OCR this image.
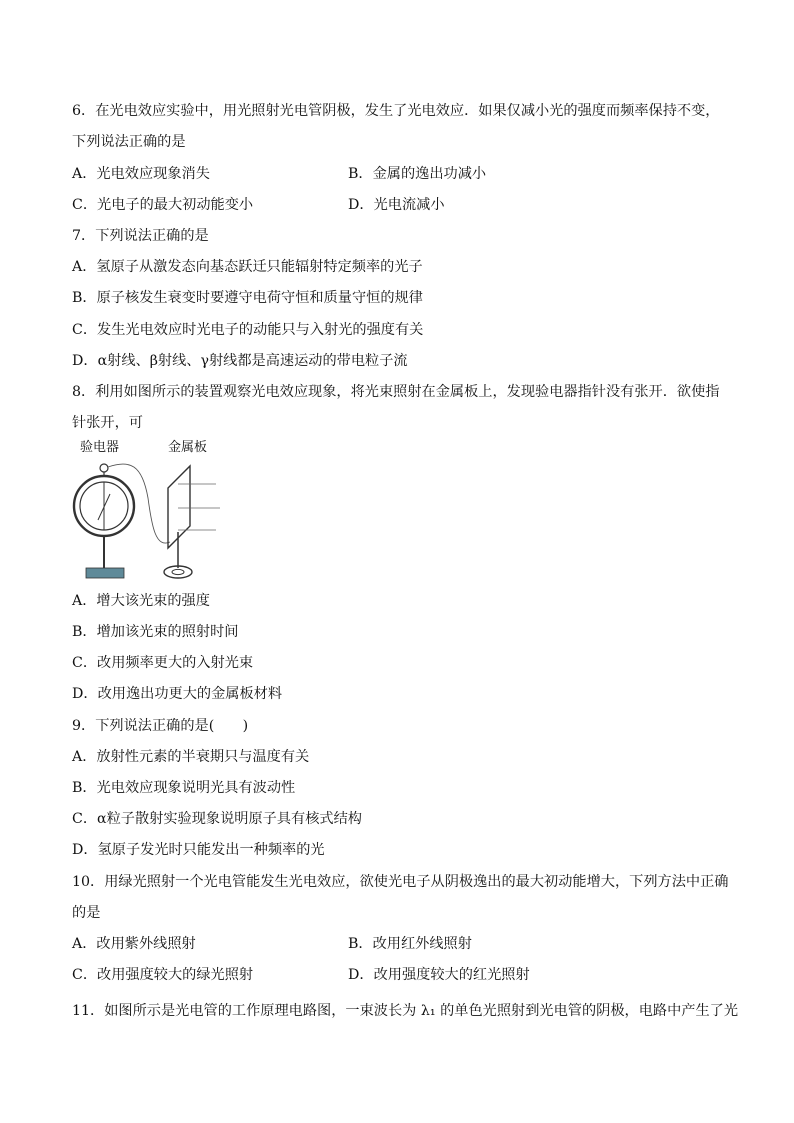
6．在光电效应实验中，用光照射光电管阴极，发生了光电效应．如果仅减小光的强度而频率保持不变，
下列说法正确的是
A．光电效应现象消失	B．金属的逸出功减小
C．光电子的最大初动能变小	D．光电流减小
7．下列说法正确的是
A．氢原子从激发态向基态跃迁只能辐射特定频率的光子
B．原子核发生衰变时要遵守电荷守恒和质量守恒的规律
C．发生光电效应时光电子的动能只与入射光的强度有关
D．α射线、β射线、γ射线都是高速运动的带电粒子流
8．利用如图所示的装置观察光电效应现象，将光束照射在金属板上，发现验电器指针没有张开．欲使指
针张开，可
验电器	金属板
A．增大该光束的强度
B．增加该光束的照射时间
C．改用频率更大的入射光束
D．改用逸出功更大的金属板材料
9．下列说法正确的是(　　)
A．放射性元素的半衰期只与温度有关
B．光电效应现象说明光具有波动性
C．α粒子散射实验现象说明原子具有核式结构
D．氢原子发光时只能发出一种频率的光
10．用绿光照射一个光电管能发生光电效应，欲使光电子从阴极逸出的最大初动能增大，下列方法中正确
的是
A．改用紫外线照射	B．改用红外线照射
C．改用强度较大的绿光照射	D．改用强度较大的红光照射
11．如图所示是光电管的工作原理电路图，一束波长为 λ₁ 的单色光照射到光电管的阴极，电路中产生了光
